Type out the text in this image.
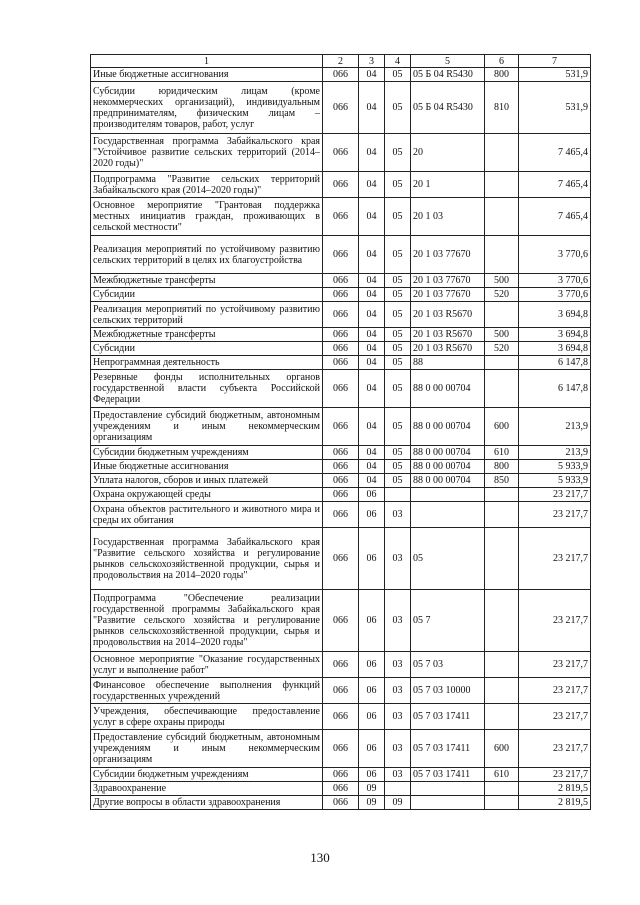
1	2	3	4	5	6	7
Иные бюджетные ассигнования	066	04	05	05 Б 04 R5430	800	531,9
Субсидии юридическим лицам (кроме некоммерческих организаций), индивидуальным предпринимателям, физическим лицам – производителям товаров, работ, услуг	066	04	05	05 Б 04 R5430	810	531,9
Государственная программа Забайкальского края "Устойчивое развитие сельских территорий (2014–2020 годы)"	066	04	05	20		7 465,4
Подпрограмма "Развитие сельских территорий Забайкальского края (2014–2020 годы)"	066	04	05	20 1		7 465,4
Основное мероприятие "Грантовая поддержка местных инициатив граждан, проживающих в сельской местности"	066	04	05	20 1 03		7 465,4
Реализация мероприятий по устойчивому развитию сельских территорий в целях их благоустройства	066	04	05	20 1 03 77670		3 770,6
Межбюджетные трансферты	066	04	05	20 1 03 77670	500	3 770,6
Субсидии	066	04	05	20 1 03 77670	520	3 770,6
Реализация мероприятий по устойчивому развитию сельских территорий	066	04	05	20 1 03 R5670		3 694,8
Межбюджетные трансферты	066	04	05	20 1 03 R5670	500	3 694,8
Субсидии	066	04	05	20 1 03 R5670	520	3 694,8
Непрограммная деятельность	066	04	05	88		6 147,8
Резервные фонды исполнительных органов государственной власти субъекта Российской Федерации	066	04	05	88 0 00 00704		6 147,8
Предоставление субсидий бюджетным, автономным учреждениям и иным некоммерческим организациям	066	04	05	88 0 00 00704	600	213,9
Субсидии бюджетным учреждениям	066	04	05	88 0 00 00704	610	213,9
Иные бюджетные ассигнования	066	04	05	88 0 00 00704	800	5 933,9
Уплата налогов, сборов и иных платежей	066	04	05	88 0 00 00704	850	5 933,9
Охрана окружающей среды	066	06				23 217,7
Охрана объектов растительного и животного мира и среды их обитания	066	06	03			23 217,7
Государственная программа Забайкальского края "Развитие сельского хозяйства и регулирование рынков сельскохозяйственной продукции, сырья и продовольствия на 2014–2020 годы"	066	06	03	05		23 217,7
Подпрограмма "Обеспечение реализации государственной программы Забайкальского края "Развитие сельского хозяйства и регулирование рынков сельскохозяйственной продукции, сырья и продовольствия на 2014–2020 годы"	066	06	03	05 7		23 217,7
Основное мероприятие "Оказание государственных услуг и выполнение работ"	066	06	03	05 7 03		23 217,7
Финансовое обеспечение выполнения функций государственных учреждений	066	06	03	05 7 03 10000		23 217,7
Учреждения, обеспечивающие предоставление услуг в сфере охраны природы	066	06	03	05 7 03 17411		23 217,7
Предоставление субсидий бюджетным, автономным учреждениям и иным некоммерческим организациям	066	06	03	05 7 03 17411	600	23 217,7
Субсидии бюджетным учреждениям	066	06	03	05 7 03 17411	610	23 217,7
Здравоохранение	066	09				2 819,5
Другие вопросы в области здравоохранения	066	09	09			2 819,5
130
